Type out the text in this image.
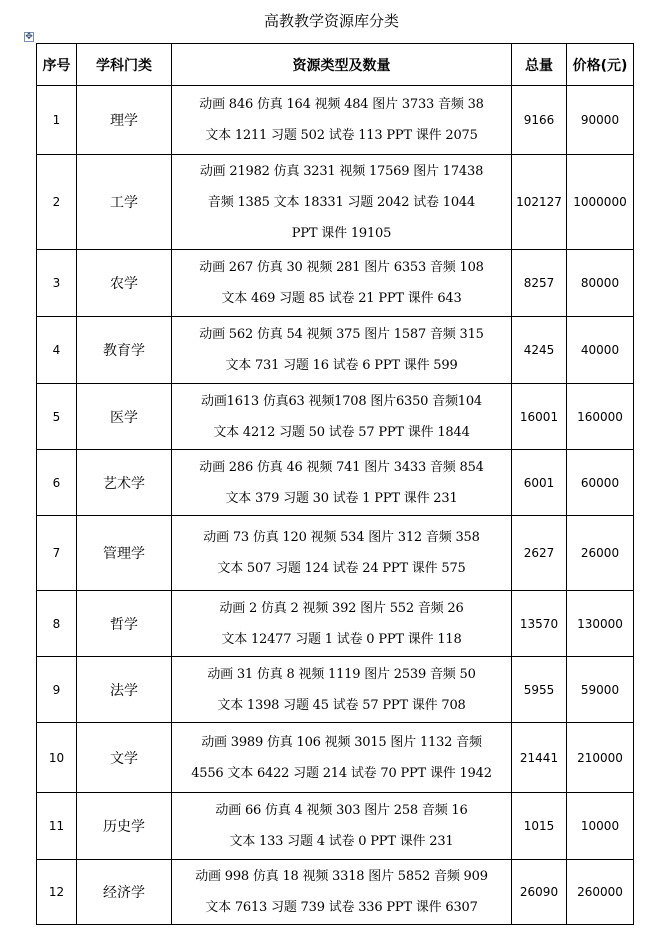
高教教学资源库分类
✥
序号	学科门类	资源类型及数量	总量	价格(元)
1	理学	动画 846 仿真 164 视频 484 图片 3733 音频 38
文本 1211 习题 502 试卷 113 PPT 课件 2075	9166	90000
2	工学	动画 21982 仿真 3231 视频 17569 图片 17438
音频 1385 文本 18331 习题 2042 试卷 1044
PPT 课件 19105	102127	1000000
3	农学	动画 267 仿真 30 视频 281 图片 6353 音频 108
文本 469 习题 85 试卷 21 PPT 课件 643	8257	80000
4	教育学	动画 562 仿真 54 视频 375 图片 1587 音频 315
文本 731 习题 16 试卷 6 PPT 课件 599	4245	40000
5	医学	动画1613 仿真63 视频1708 图片6350 音频104
文本 4212 习题 50 试卷 57 PPT 课件 1844	16001	160000
6	艺术学	动画 286 仿真 46 视频 741 图片 3433 音频 854
文本 379 习题 30 试卷 1 PPT 课件 231	6001	60000
7	管理学	动画 73 仿真 120 视频 534 图片 312 音频 358
文本 507 习题 124 试卷 24 PPT 课件 575	2627	26000
8	哲学	动画 2 仿真 2 视频 392 图片 552 音频 26
文本 12477 习题 1 试卷 0 PPT 课件 118	13570	130000
9	法学	动画 31 仿真 8 视频 1119 图片 2539 音频 50
文本 1398 习题 45 试卷 57 PPT 课件 708	5955	59000
10	文学	动画 3989 仿真 106 视频 3015 图片 1132 音频
4556 文本 6422 习题 214 试卷 70 PPT 课件 1942	21441	210000
11	历史学	动画 66 仿真 4 视频 303 图片 258 音频 16
文本 133 习题 4 试卷 0 PPT 课件 231	1015	10000
12	经济学	动画 998 仿真 18 视频 3318 图片 5852 音频 909
文本 7613 习题 739 试卷 336 PPT 课件 6307	26090	260000
